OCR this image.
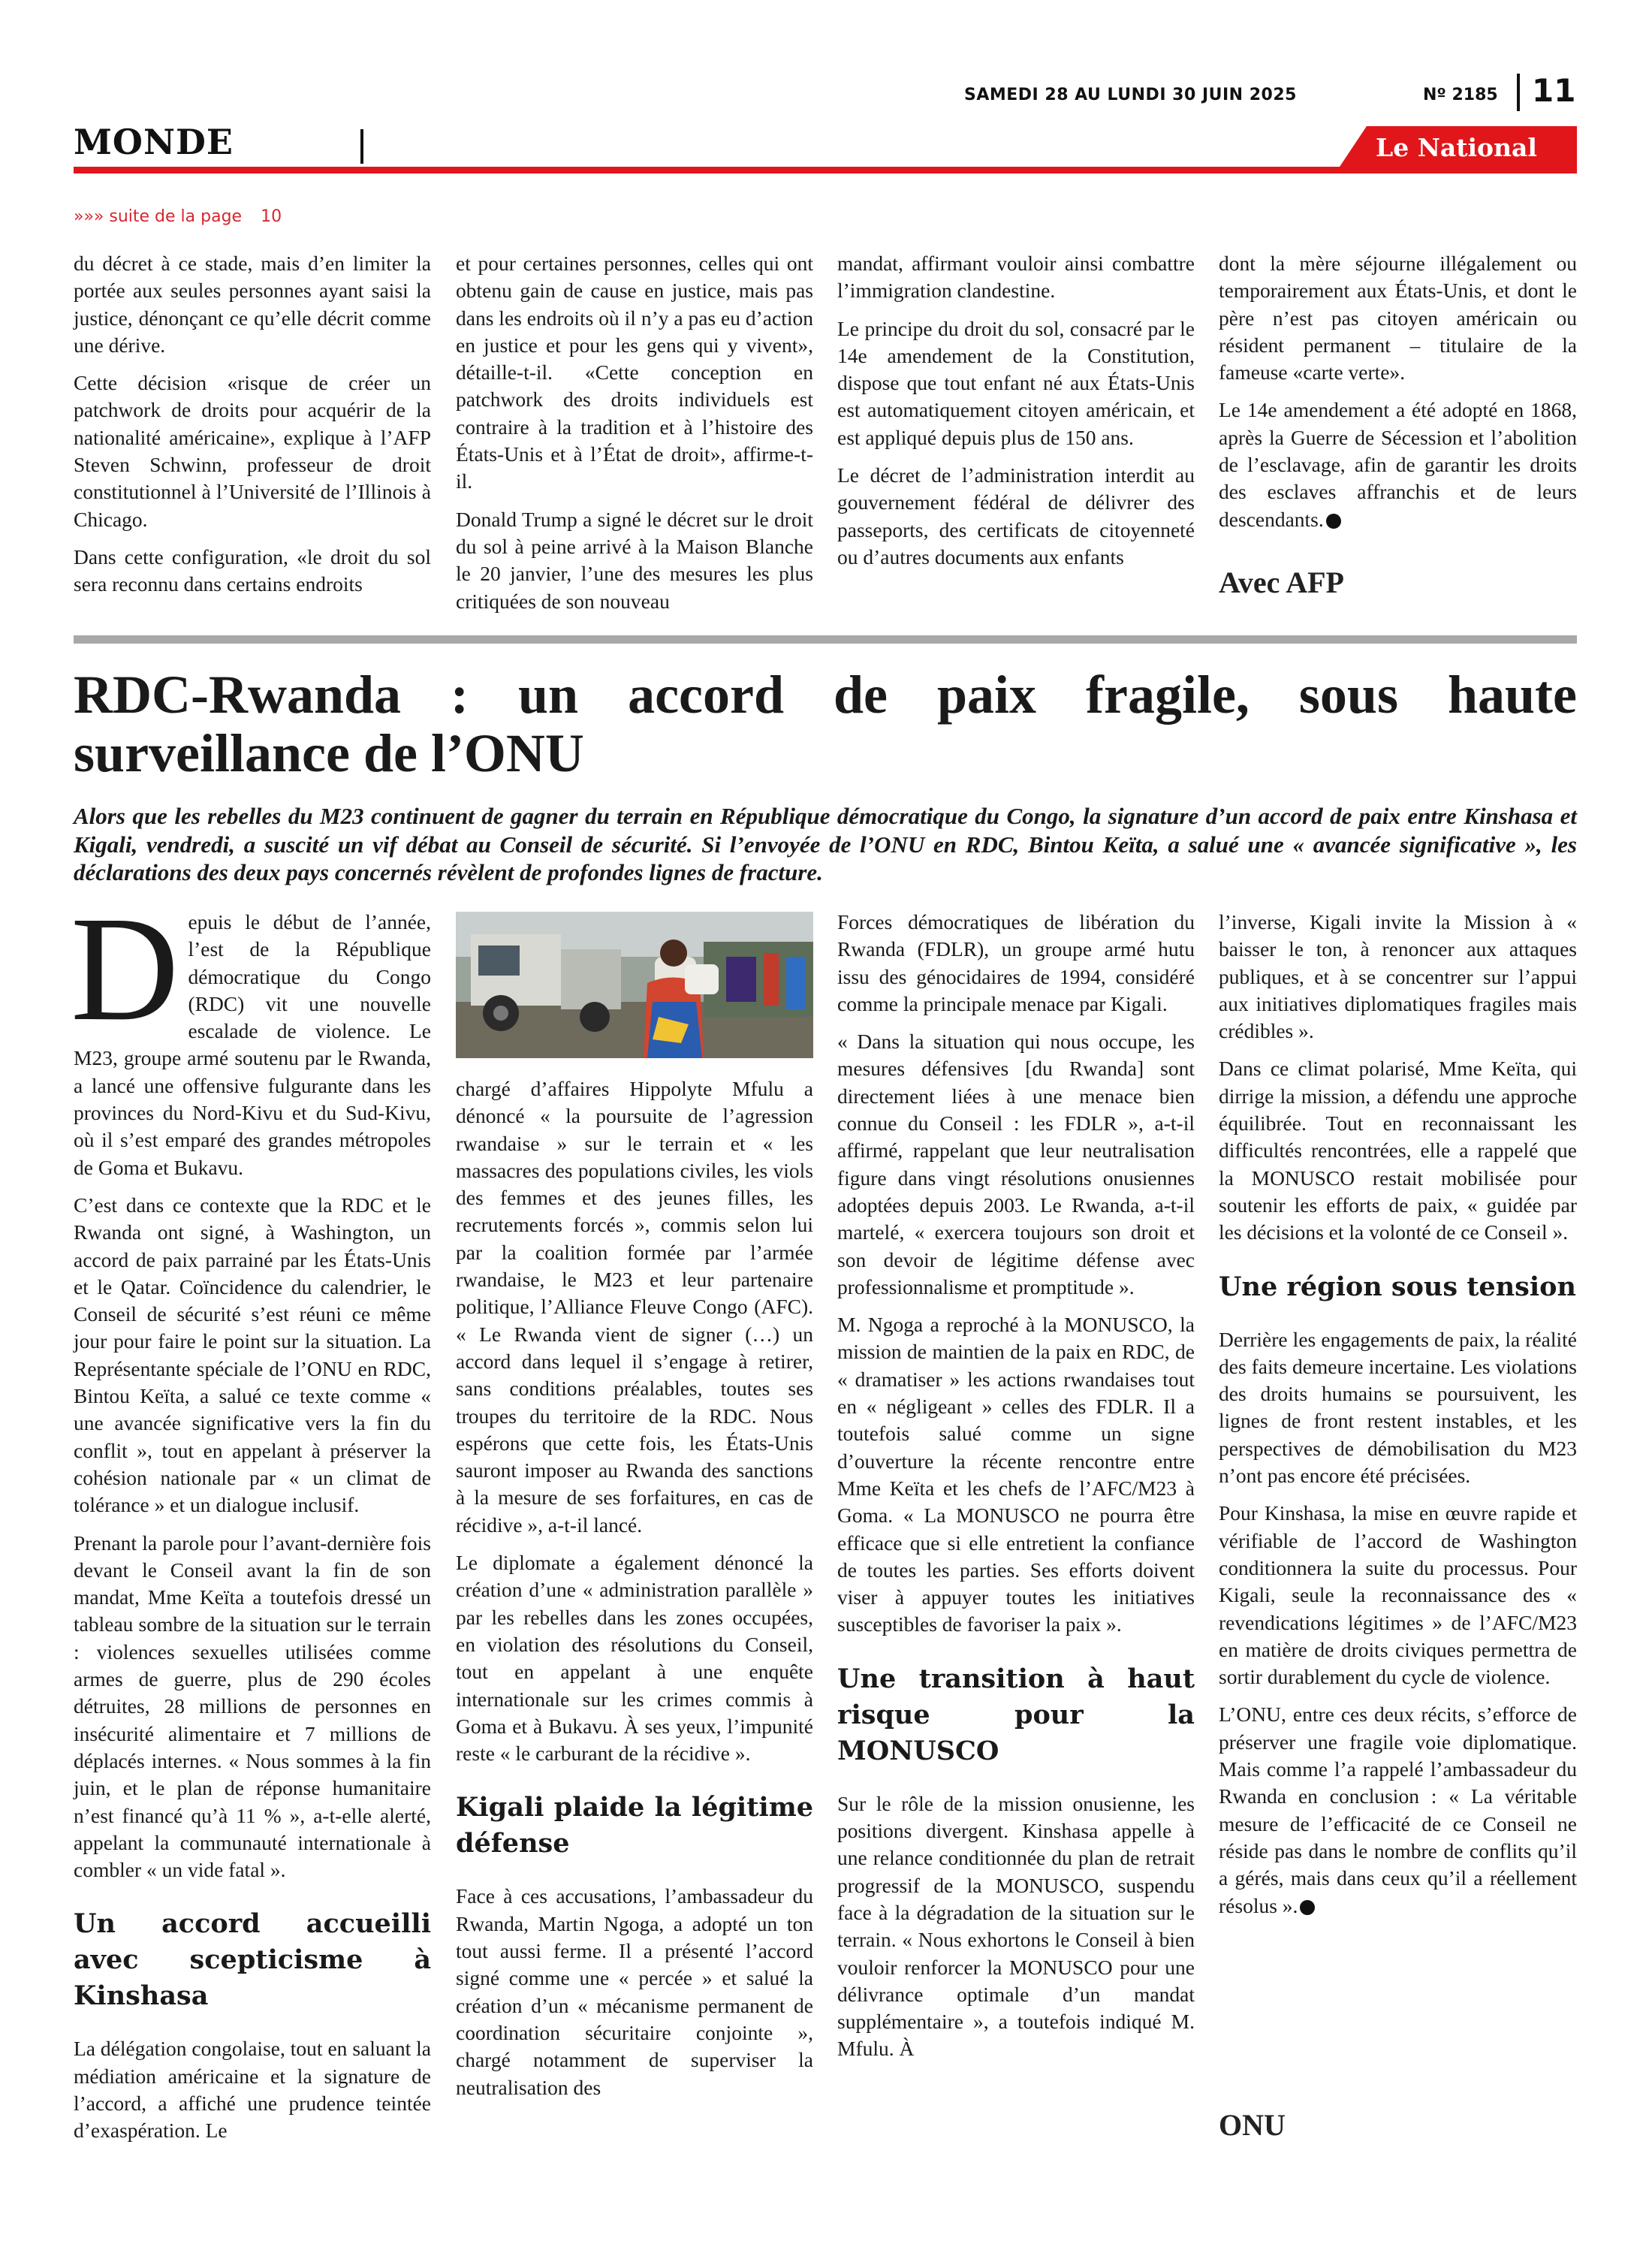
SAMEDI 28 AU LUNDI 30 JUIN 2025	Nº 2185 11
MONDE	Le National
»»» suite de la page 10

du décret à ce stade, mais d’en limiter la portée aux seules personnes ayant saisi la justice, dénonçant ce qu’elle décrit comme une dérive.

Cette décision «risque de créer un patchwork de droits pour acquérir de la nationalité américaine», explique à l’AFP Steven Schwinn, professeur de droit constitutionnel à l’Université de l’Illinois à Chicago.

Dans cette configuration, «le droit du sol sera reconnu dans certains endroits

et pour certaines personnes, celles qui ont obtenu gain de cause en justice, mais pas dans les endroits où il n’y a pas eu d’action en justice et pour les gens qui y vivent», détaille-t-il. «Cette conception en patchwork des droits individuels est contraire à la tradition et à l’histoire des États-Unis et à l’État de droit», affirme-t-il.

Donald Trump a signé le décret sur le droit du sol à peine arrivé à la Maison Blanche le 20 janvier, l’une des mesures les plus critiquées de son nouveau

mandat, affirmant vouloir ainsi combattre l’immigration clandestine.

Le principe du droit du sol, consacré par le 14e amendement de la Constitution, dispose que tout enfant né aux États-Unis est automatiquement citoyen américain, et est appliqué depuis plus de 150 ans.

Le décret de l’administration interdit au gouvernement fédéral de délivrer des passeports, des certificats de citoyenneté ou d’autres documents aux enfants

dont la mère séjourne illégalement ou temporairement aux États-Unis, et dont le père n’est pas citoyen américain ou résident permanent – titulaire de la fameuse «carte verte».

Le 14e amendement a été adopté en 1868, après la Guerre de Sécession et l’abolition de l’esclavage, afin de garantir les droits des esclaves affranchis et de leurs descendants.

Avec AFP
RDC-Rwanda : un accord de paix fragile, sous haute surveillance de l’ONU
Alors que les rebelles du M23 continuent de gagner du terrain en République démocratique du Congo, la signature d’un accord de paix entre Kinshasa et Kigali, vendredi, a suscité un vif débat au Conseil de sécurité. Si l’envoyée de l’ONU en RDC, Bintou Keïta, a salué une « avancée significative », les déclarations des deux pays concernés révèlent de profondes lignes de fracture.

Depuis le début de l’année, l’est de la République démocratique du Congo (RDC) vit une nouvelle escalade de violence. Le M23, groupe armé soutenu par le Rwanda, a lancé une offensive fulgurante dans les provinces du Nord-Kivu et du Sud-Kivu, où il s’est emparé des grandes métropoles de Goma et Bukavu.

C’est dans ce contexte que la RDC et le Rwanda ont signé, à Washington, un accord de paix parrainé par les États-Unis et le Qatar. Coïncidence du calendrier, le Conseil de sécurité s’est réuni ce même jour pour faire le point sur la situation. La Représentante spéciale de l’ONU en RDC, Bintou Keïta, a salué ce texte comme « une avancée significative vers la fin du conflit », tout en appelant à préserver la cohésion nationale par « un climat de tolérance » et un dialogue inclusif.

Prenant la parole pour l’avant-dernière fois devant le Conseil avant la fin de son mandat, Mme Keïta a toutefois dressé un tableau sombre de la situation sur le terrain : violences sexuelles utilisées comme armes de guerre, plus de 290 écoles détruites, 28 millions de personnes en insécurité alimentaire et 7 millions de déplacés internes. « Nous sommes à la fin juin, et le plan de réponse humanitaire n’est financé qu’à 11 % », a-t-elle alerté, appelant la communauté internationale à combler « un vide fatal ».

Un accord accueilli avec scepticisme à Kinshasa

La délégation congolaise, tout en saluant la médiation américaine et la signature de l’accord, a affiché une prudence teintée d’exaspération. Le

chargé d’affaires Hippolyte Mfulu a dénoncé « la poursuite de l’agression rwandaise » sur le terrain et « les massacres des populations civiles, les viols des femmes et des jeunes filles, les recrutements forcés », commis selon lui par la coalition formée par l’armée rwandaise, le M23 et leur partenaire politique, l’Alliance Fleuve Congo (AFC). « Le Rwanda vient de signer (…) un accord dans lequel il s’engage à retirer, sans conditions préalables, toutes ses troupes du territoire de la RDC. Nous espérons que cette fois, les États-Unis sauront imposer au Rwanda des sanctions à la mesure de ses forfaitures, en cas de récidive », a-t-il lancé.

Le diplomate a également dénoncé la création d’une « administration parallèle » par les rebelles dans les zones occupées, en violation des résolutions du Conseil, tout en appelant à une enquête internationale sur les crimes commis à Goma et à Bukavu. À ses yeux, l’impunité reste « le carburant de la récidive ».

Kigali plaide la légitime défense

Face à ces accusations, l’ambassadeur du Rwanda, Martin Ngoga, a adopté un ton tout aussi ferme. Il a présenté l’accord signé comme une « percée » et salué la création d’un « mécanisme permanent de coordination sécuritaire conjointe », chargé notamment de superviser la neutralisation des

Forces démocratiques de libération du Rwanda (FDLR), un groupe armé hutu issu des génocidaires de 1994, considéré comme la principale menace par Kigali.

« Dans la situation qui nous occupe, les mesures défensives [du Rwanda] sont directement liées à une menace bien connue du Conseil : les FDLR », a-t-il affirmé, rappelant que leur neutralisation figure dans vingt résolutions onusiennes adoptées depuis 2003. Le Rwanda, a-t-il martelé, « exercera toujours son droit et son devoir de légitime défense avec professionnalisme et promptitude ».

M. Ngoga a reproché à la MONUSCO, la mission de maintien de la paix en RDC, de « dramatiser » les actions rwandaises tout en « négligeant » celles des FDLR. Il a toutefois salué comme un signe d’ouverture la récente rencontre entre Mme Keïta et les chefs de l’AFC/M23 à Goma. « La MONUSCO ne pourra être efficace que si elle entretient la confiance de toutes les parties. Ses efforts doivent viser à appuyer toutes les initiatives susceptibles de favoriser la paix ».

Une transition à haut risque pour la MONUSCO

Sur le rôle de la mission onusienne, les positions divergent. Kinshasa appelle à une relance conditionnée du plan de retrait progressif de la MONUSCO, suspendu face à la dégradation de la situation sur le terrain. « Nous exhortons le Conseil à bien vouloir renforcer la MONUSCO pour une délivrance optimale d’un mandat supplémentaire », a toutefois indiqué M. Mfulu. À

l’inverse, Kigali invite la Mission à « baisser le ton, à renoncer aux attaques publiques, et à se concentrer sur l’appui aux initiatives diplomatiques fragiles mais crédibles ».

Dans ce climat polarisé, Mme Keïta, qui dirrige la mission, a défendu une approche équilibrée. Tout en reconnaissant les difficultés rencontrées, elle a rappelé que la MONUSCO restait mobilisée pour soutenir les efforts de paix, « guidée par les décisions et la volonté de ce Conseil ».

Une région sous tension

Derrière les engagements de paix, la réalité des faits demeure incertaine. Les violations des droits humains se poursuivent, les lignes de front restent instables, et les perspectives de démobilisation du M23 n’ont pas encore été précisées.

Pour Kinshasa, la mise en œuvre rapide et vérifiable de l’accord de Washington conditionnera la suite du processus. Pour Kigali, seule la reconnaissance des « revendications légitimes » de l’AFC/M23 en matière de droits civiques permettra de sortir durablement du cycle de violence.

L’ONU, entre ces deux récits, s’efforce de préserver une fragile voie diplomatique. Mais comme l’a rappelé l’ambassadeur du Rwanda en conclusion : « La véritable mesure de l’efficacité de ce Conseil ne réside pas dans le nombre de conflits qu’il a gérés, mais dans ceux qu’il a réellement résolus ».

ONU
